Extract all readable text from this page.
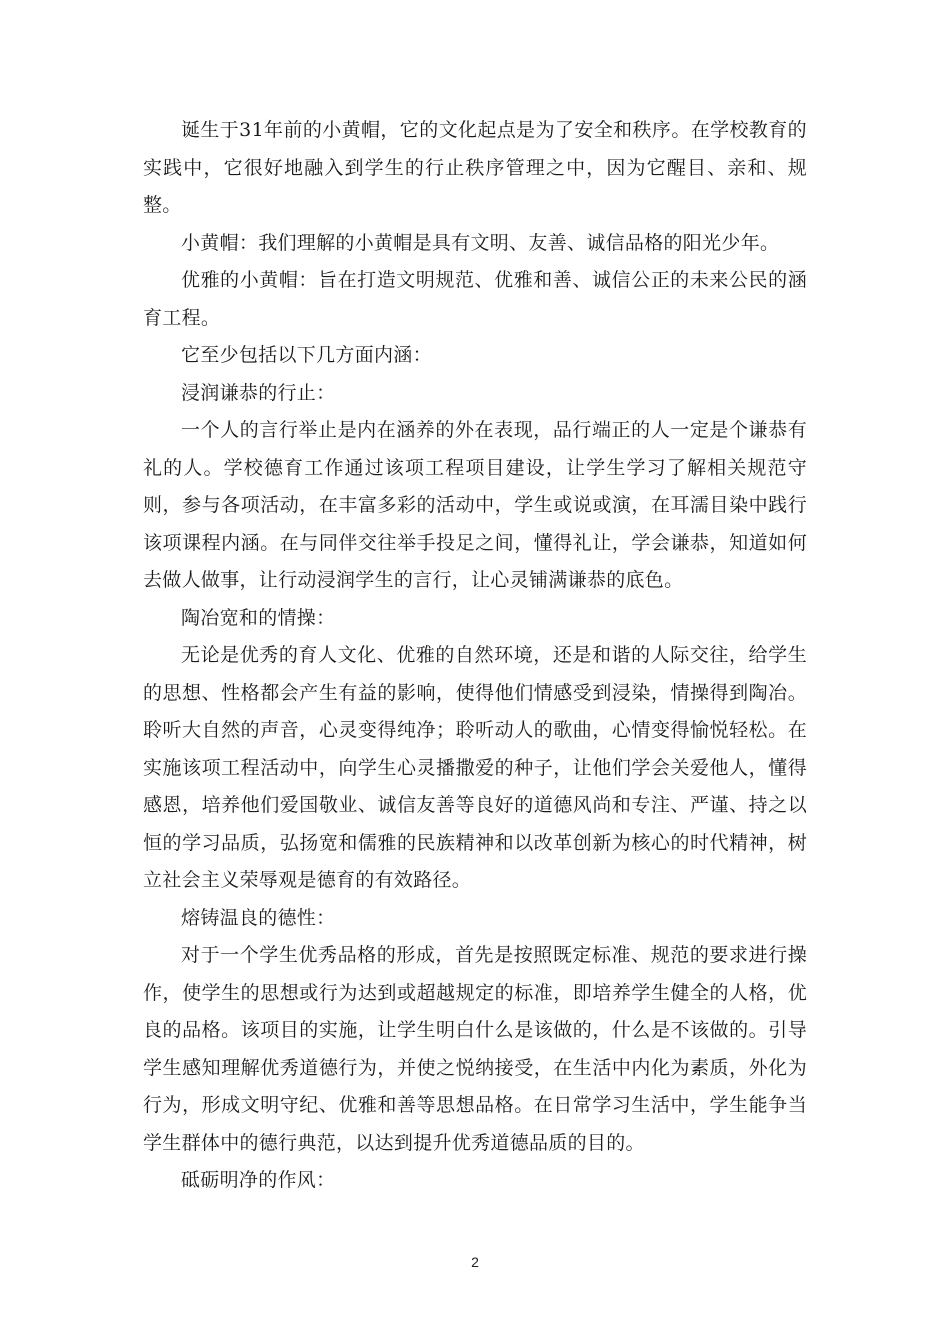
诞生于31年前的小黄帽，它的文化起点是为了安全和秩序。在学校教育的实践中，它很好地融入到学生的行止秩序管理之中，因为它醒目、亲和、规整。

小黄帽：我们理解的小黄帽是具有文明、友善、诚信品格的阳光少年。

优雅的小黄帽：旨在打造文明规范、优雅和善、诚信公正的未来公民的涵育工程。

它至少包括以下几方面内涵：

浸润谦恭的行止：

一个人的言行举止是内在涵养的外在表现，品行端正的人一定是个谦恭有礼的人。学校德育工作通过该项工程项目建设，让学生学习了解相关规范守则，参与各项活动，在丰富多彩的活动中，学生或说或演，在耳濡目染中践行该项课程内涵。在与同伴交往举手投足之间，懂得礼让，学会谦恭，知道如何去做人做事，让行动浸润学生的言行，让心灵铺满谦恭的底色。

陶冶宽和的情操：

无论是优秀的育人文化、优雅的自然环境，还是和谐的人际交往，给学生的思想、性格都会产生有益的影响，使得他们情感受到浸染，情操得到陶冶。聆听大自然的声音，心灵变得纯净；聆听动人的歌曲，心情变得愉悦轻松。在实施该项工程活动中，向学生心灵播撒爱的种子，让他们学会关爱他人，懂得感恩，培养他们爱国敬业、诚信友善等良好的道德风尚和专注、严谨、持之以恒的学习品质，弘扬宽和儒雅的民族精神和以改革创新为核心的时代精神，树立社会主义荣辱观是德育的有效路径。

熔铸温良的德性：

对于一个学生优秀品格的形成，首先是按照既定标准、规范的要求进行操作，使学生的思想或行为达到或超越规定的标准，即培养学生健全的人格，优良的品格。该项目的实施，让学生明白什么是该做的，什么是不该做的。引导学生感知理解优秀道德行为，并使之悦纳接受，在生活中内化为素质，外化为行为，形成文明守纪、优雅和善等思想品格。在日常学习生活中，学生能争当学生群体中的德行典范，以达到提升优秀道德品质的目的。

砥砺明净的作风：

2
